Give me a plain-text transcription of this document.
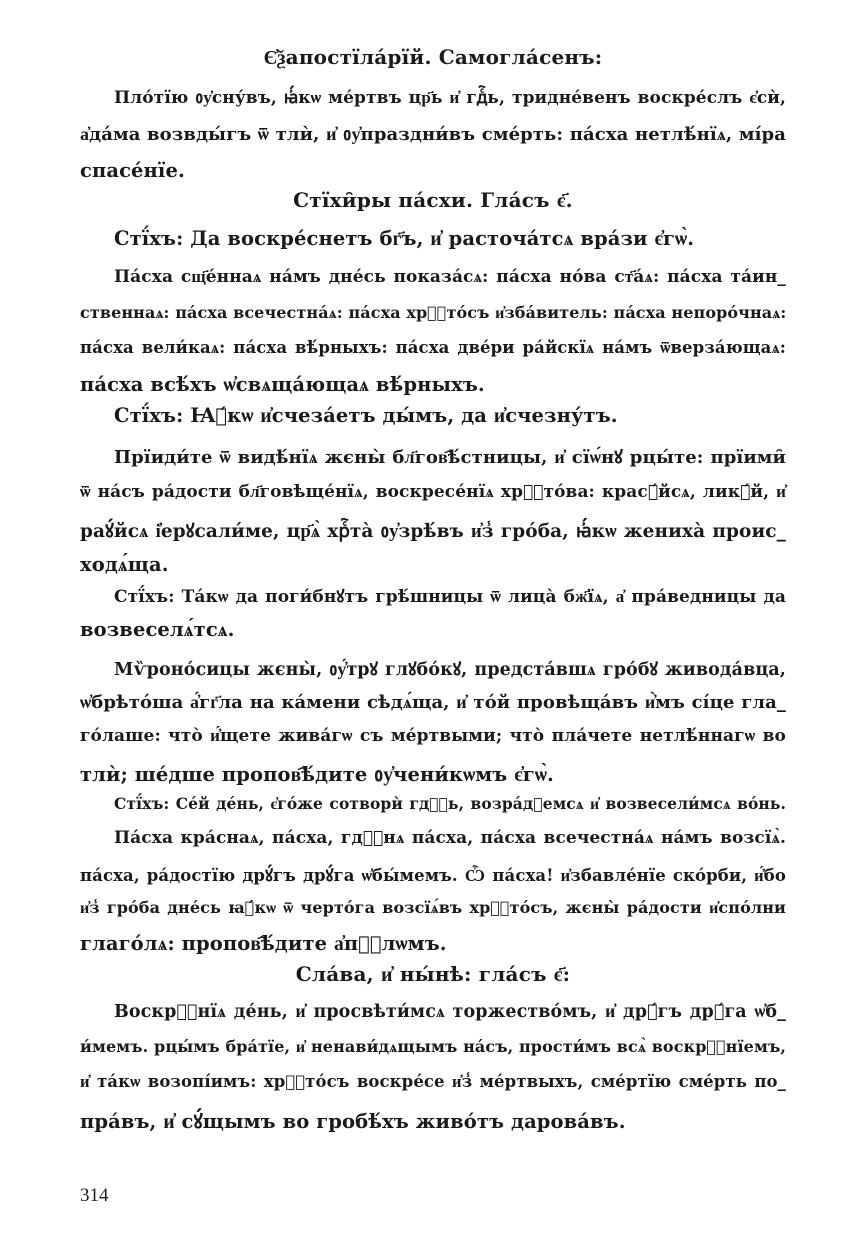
Є҆ѯапостїла́рїй. Самогла́сенъ:
Пло́тїю ᲂу҆сну́въ, ꙗ҆́кѡ ме́ртвъ цр҃ь и҆ гдⷭ҇ь, тридне́венъ воскре́слъ є҆сѝ,
а҆да́ма возвды́гъ ѿ тлѝ, и҆ ᲂу҆праздни́въ сме́рть: па́сха нетлѣ́нїѧ, мі́ра
спасе́нїе.
Стїхи̑ры па́схи. Гла́съ є҃.
Стї́хъ: Да воскре́снетъ бг҃ъ, и҆ расточа́тсѧ вра́зи є҆гѡ̀.
Па́сха сщ҃е́ннаѧ на́мъ дне́сь показа́сѧ: па́сха но́ва ст҃а́ѧ: па́сха та́ин_
ственнаѧ: па́сха всечестна́ѧ: па́сха хрⷭ҇то́съ и҆зба́витель: па́сха непоро́чнаѧ:
па́сха вели́каѧ: па́сха вѣ́рныхъ: па́сха две́ри ра́йскїѧ на́мъ ѿверза́ющаѧ:
па́сха всѣ́хъ ѡ҆свѧща́ющаѧ вѣ́рныхъ.
Стї́хъ: Ꙗ҆́кѡ и҆счеза́етъ ды́мъ, да и҆счезну́тъ.
Прїиди́те ѿ видѣ́нїѧ жєны̀ бл҃гов҄ѣ́стницы, и҆ сїѡ́нꙋ рцы́те: прїими̑
ѿ на́съ ра́дости бл҃говѣще́нїѧ, воскресе́нїѧ хрⷭ҇то́ва: красꙋ́йсѧ, ликꙋ́й, и҆
раꙋ́йсѧ і҆ерꙋсали́ме, цр҃ѧ̀ хрⷭ҇та̀ ᲂу҆зрѣ́въ и҆з̾ гро́ба, ꙗ҆́кѡ жениха̀ проис_
ходѧ́ща.
Стї́хъ: Та́кѡ да поги́бнꙋтъ грѣ́шницы ѿ лица̀ бж҃їѧ, а҆ пра́ведницы да
возвеселѧ́тсѧ.
Мѷроно́сицы жєны̀, ᲂу҆́трꙋ глꙋбо́кꙋ, предста́вшѧ гро́бꙋ живода́вца,
ѡ҆брѣто́ша а҆́гг҃ла на ка́мени сѣдѧ́ща, и҆ то́й провѣща́въ и҆̀мъ сі́це гла_
го́лаше: что̀ и҆́щете жива́гѡ съ ме́ртвыми; что̀ пла́чете нетлѣ́ннагѡ во
тлѝ; ше́дше пропов҄ѣ́дите ᲂу҆чени́кѡмъ є҆гѡ̀.
Стї́хъ: Се́й де́нь, є҆го́же сотворѝ гдⷭ҇ь, возра́дꙋемсѧ и҆ возвесели́мсѧ во́нь.
Па́сха кра́снаѧ, па́сха, гдⷭ҇нѧ па́сха, па́сха всечестна́ѧ на́мъ возсїѧ̀.
па́сха, ра́достїю дрꙋ́гъ дрꙋ́га ѡ҆бы́мемъ. Ѽ па́сха! и҆збавле́нїе ско́рби, и҆́бо
и҆з̾ гро́ба дне́сь ꙗ҆́кѡ ѿ черто́га возсїѧ́въ хрⷭ҇то́съ, жєны̀ ра́дости и҆спо́лни
глаго́лѧ: пропов҄ѣ́дите а҆пⷭ҇лѡмъ.
Сла́ва, и҆ ны́нѣ: гла́съ є҃:
Воскрⷭ҇нїѧ де́нь, и҆ просвѣти́мсѧ торжество́мъ, и҆ дрꙋ́гъ дрꙋ́га ѡ҆б_
и́мемъ. рцы́мъ бра́тїе, и҆ ненави́дѧщымъ на́съ, прости́мъ всѧ̀ воскрⷭ҇нїемъ,
и҆ та́кѡ возопі́имъ: хрⷭ҇то́съ воскре́се и҆з̾ ме́ртвыхъ, сме́ртїю сме́рть по_
пра́въ, и҆ сꙋ́щымъ во гробѣ́хъ живо́тъ дарова́въ.
314
